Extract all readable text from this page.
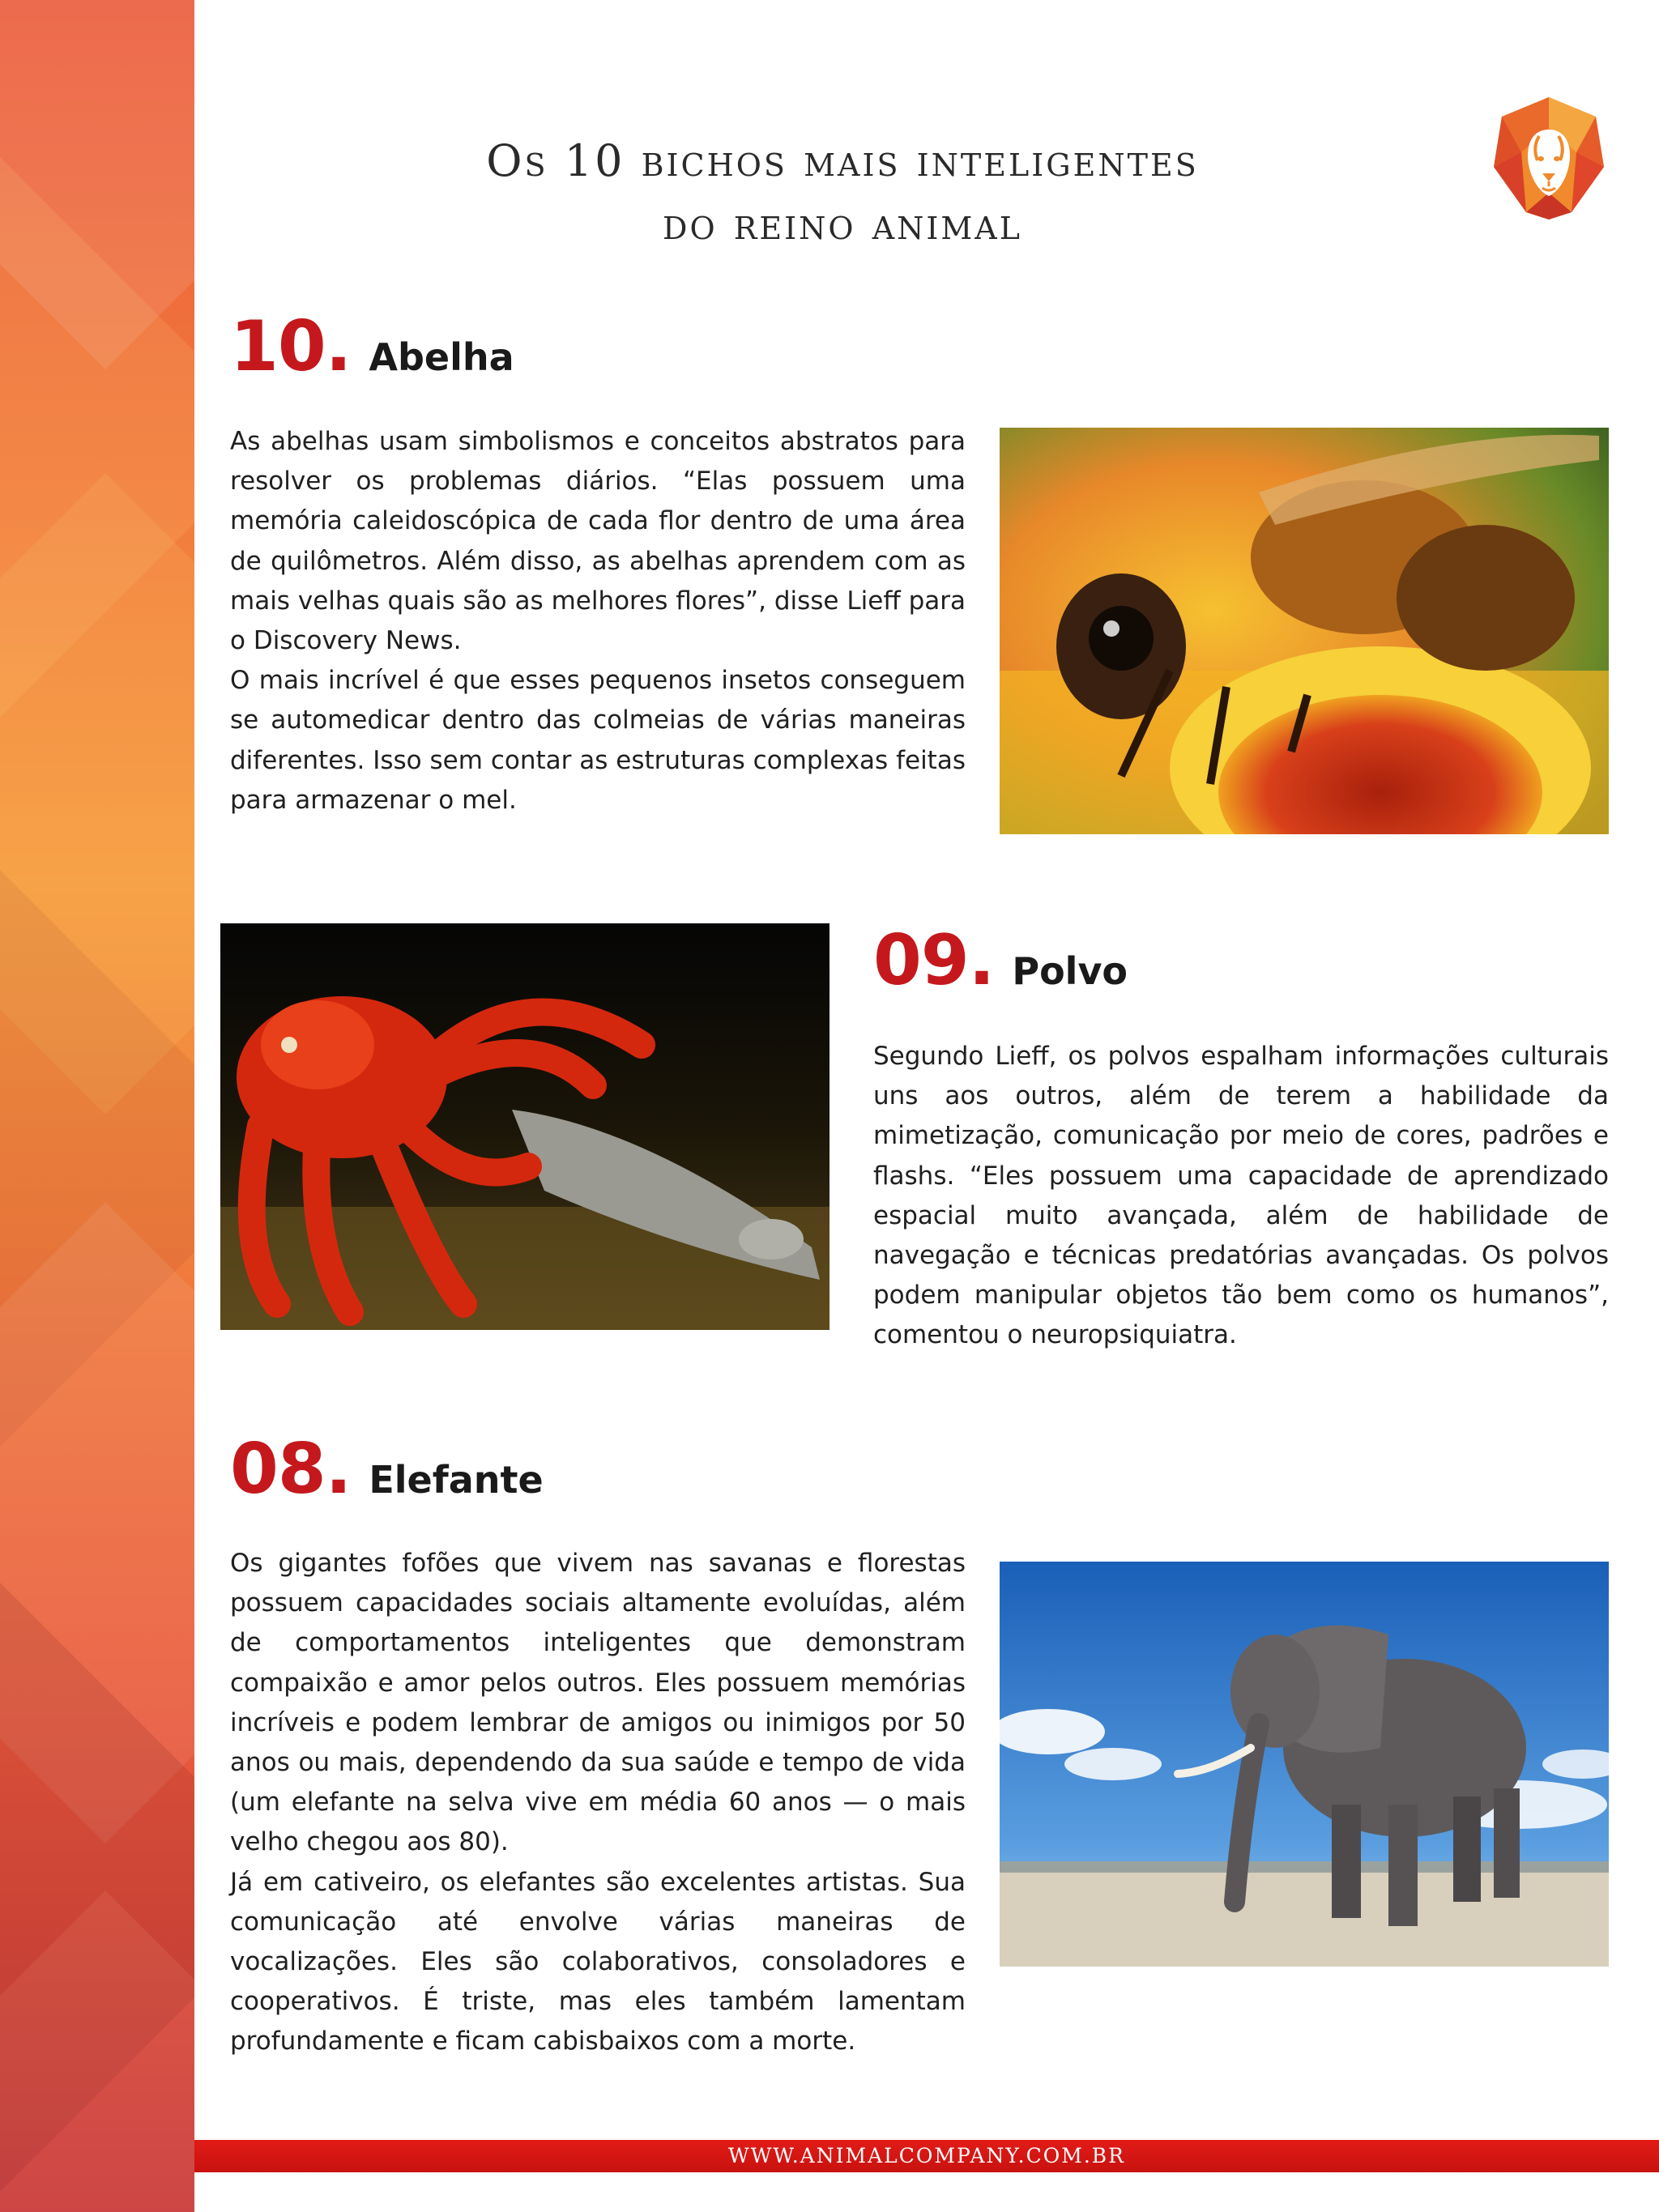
Os 10 bichos mais inteligentes
do reino animal
10. Abelha

As abelhas usam simbolismos e conceitos abstratos para resolver os problemas diários. “Elas possuem uma memória caleidoscópica de cada flor dentro de uma área de quilômetros. Além disso, as abelhas aprendem com as mais velhas quais são as melhores flores”, disse Lieff para o Discovery News.

O mais incrível é que esses pequenos insetos conseguem se automedicar dentro das colmeias de várias maneiras diferentes. Isso sem contar as estruturas complexas feitas para armazenar o mel.

09. Polvo

Segundo Lieff, os polvos espalham informações culturais uns aos outros, além de terem a habilidade da mimetização, comunicação por meio de cores, padrões e flashs. “Eles possuem uma capacidade de aprendizado espacial muito avançada, além de habilidade de navegação e técnicas predatórias avançadas. Os polvos podem manipular objetos tão bem como os humanos”, comentou o neuropsiquiatra.

08. Elefante

Os gigantes fofões que vivem nas savanas e florestas possuem capacidades sociais altamente evoluídas, além de comportamentos inteligentes que demonstram compaixão e amor pelos outros. Eles possuem memórias incríveis e podem lembrar de amigos ou inimigos por 50 anos ou mais, dependendo da sua saúde e tempo de vida (um elefante na selva vive em média 60 anos — o mais velho chegou aos 80).

Já em cativeiro, os elefantes são excelentes artistas. Sua comunicação até envolve várias maneiras de vocalizações. Eles são colaborativos, consoladores e cooperativos. É triste, mas eles também lamentam profundamente e ficam cabisbaixos com a morte.

WWW.ANIMALCOMPANY.COM.BR
